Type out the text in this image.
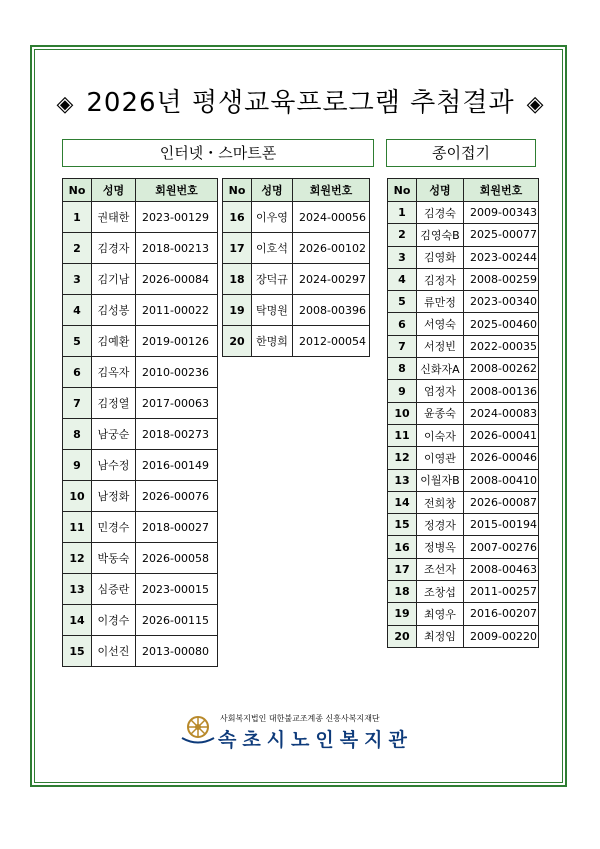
◈ 2026년 평생교육프로그램 추첨결과 ◈
인터넷・스마트폰	종이접기
No	성명	회원번호
1	권태한	2023-00129
2	김경자	2018-00213
3	김기남	2026-00084
4	김성봉	2011-00022
5	김예환	2019-00126
6	김옥자	2010-00236
7	김정열	2017-00063
8	남궁순	2018-00273
9	남수정	2016-00149
10	남정화	2026-00076
11	민경수	2018-00027
12	박동숙	2026-00058
13	심증란	2023-00015
14	이경수	2026-00115
15	이선진	2013-00080
No	성명	회원번호
16	이우영	2024-00056
17	이호석	2026-00102
18	장덕규	2024-00297
19	탁명원	2008-00396
20	한명희	2012-00054
No	성명	회원번호
1	김경숙	2009-00343
2	김영숙B	2025-00077
3	김영화	2023-00244
4	김정자	2008-00259
5	류만정	2023-00340
6	서영숙	2025-00460
7	서정빈	2022-00035
8	신화자A	2008-00262
9	엄정자	2008-00136
10	윤종숙	2024-00083
11	이숙자	2026-00041
12	이영관	2026-00046
13	이월자B	2008-00410
14	전희창	2026-00087
15	정경자	2015-00194
16	정병옥	2007-00276
17	조선자	2008-00463
18	조창섭	2011-00257
19	최영우	2016-00207
20	최정임	2009-00220
사회복지법인 대한불교조계종 신흥사복지재단
속초시노인복지관
